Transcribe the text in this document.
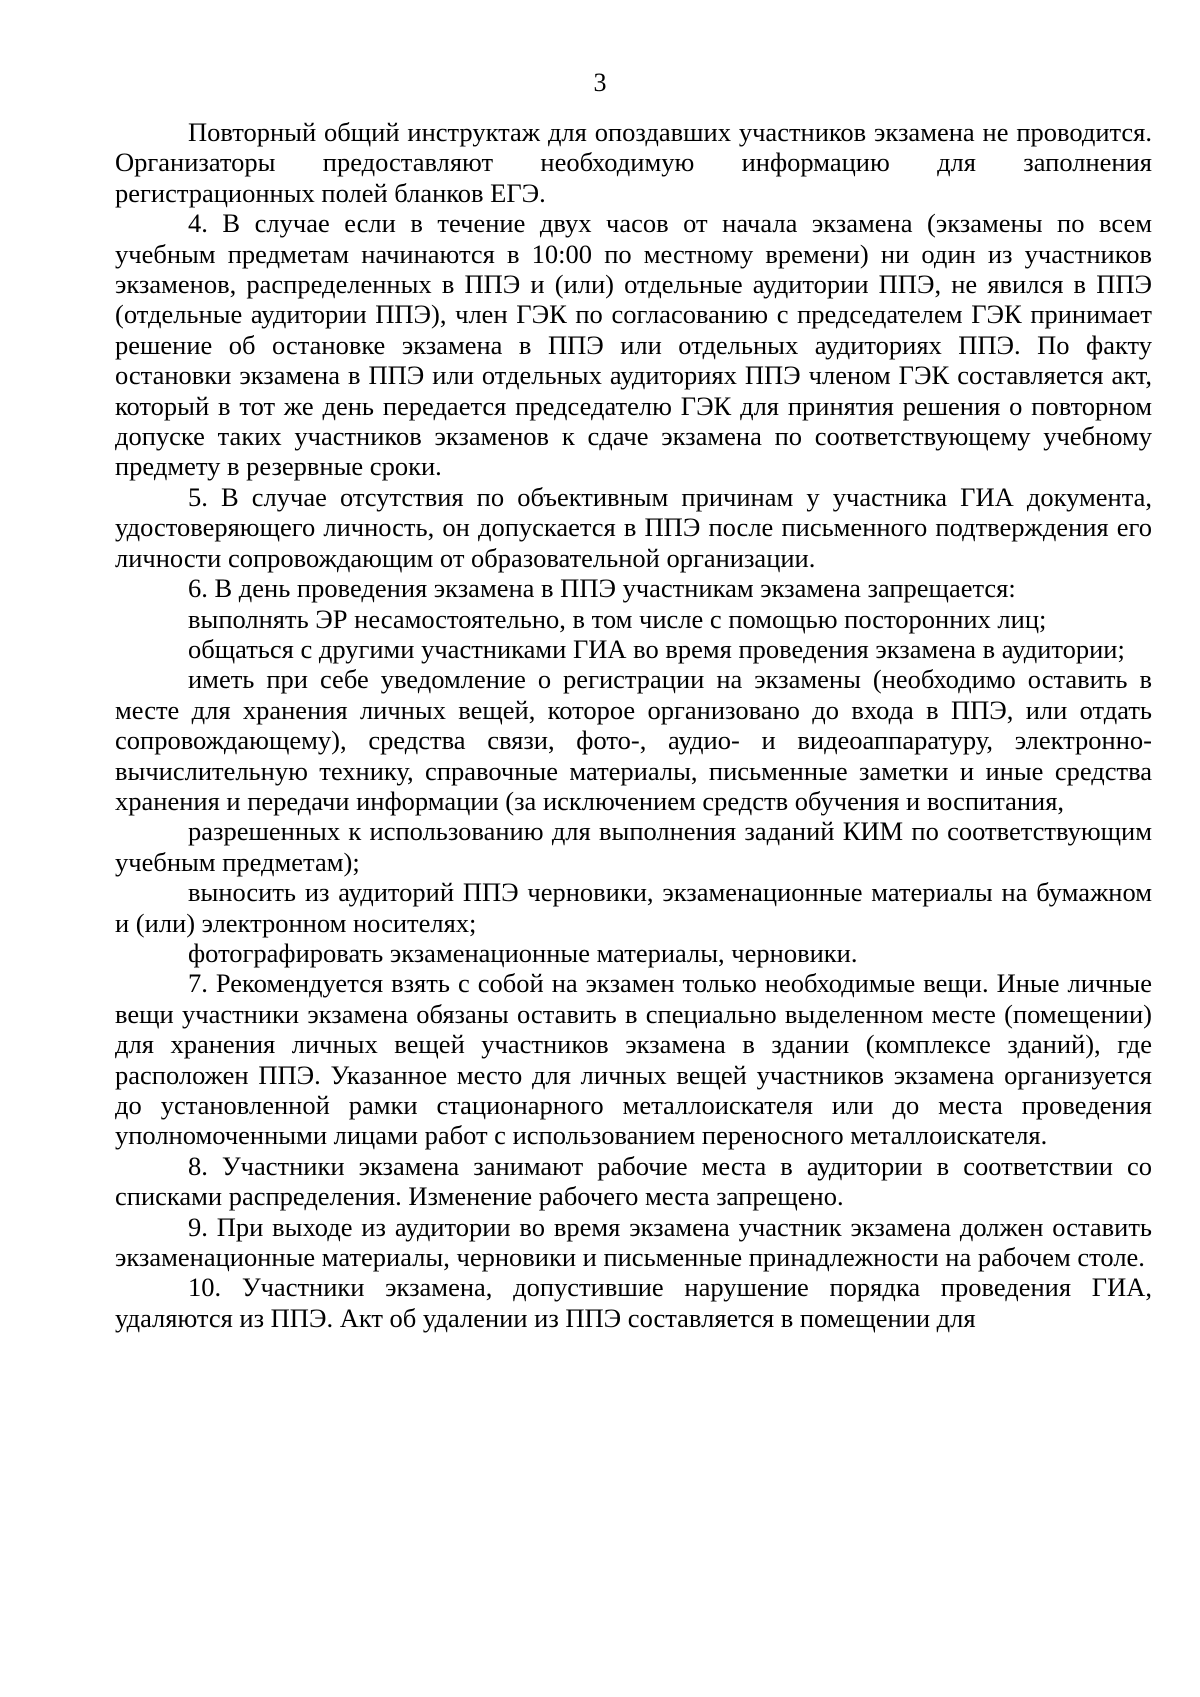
3

Повторный общий инструктаж для опоздавших участников экзамена не проводится. Организаторы предоставляют необходимую информацию для заполнения регистрационных полей бланков ЕГЭ.

4. В случае если в течение двух часов от начала экзамена (экзамены по всем учебным предметам начинаются в 10:00 по местному времени) ни один из участников экзаменов, распределенных в ППЭ и (или) отдельные аудитории ППЭ, не явился в ППЭ (отдельные аудитории ППЭ), член ГЭК по согласованию с председателем ГЭК принимает решение об остановке экзамена в ППЭ или отдельных аудиториях ППЭ. По факту остановки экзамена в ППЭ или отдельных аудиториях ППЭ членом ГЭК составляется акт, который в тот же день передается председателю ГЭК для принятия решения о повторном допуске таких участников экзаменов к сдаче экзамена по соответствующему учебному предмету в резервные сроки.

5. В случае отсутствия по объективным причинам у участника ГИА документа, удостоверяющего личность, он допускается в ППЭ после письменного подтверждения его личности сопровождающим от образовательной организации.

6. В день проведения экзамена в ППЭ участникам экзамена запрещается:

выполнять ЭР несамостоятельно, в том числе с помощью посторонних лиц;

общаться с другими участниками ГИА во время проведения экзамена в аудитории;

иметь при себе уведомление о регистрации на экзамены (необходимо оставить в месте для хранения личных вещей, которое организовано до входа в ППЭ, или отдать сопровождающему), средства связи, фото-, аудио- и видеоаппаратуру, электронно-вычислительную технику, справочные материалы, письменные заметки и иные средства хранения и передачи информации (за исключением средств обучения и воспитания,

разрешенных к использованию для выполнения заданий КИМ по соответствующим учебным предметам);

выносить из аудиторий ППЭ черновики, экзаменационные материалы на бумажном и (или) электронном носителях;

фотографировать экзаменационные материалы, черновики.

7. Рекомендуется взять с собой на экзамен только необходимые вещи. Иные личные вещи участники экзамена обязаны оставить в специально выделенном месте (помещении) для хранения личных вещей участников экзамена в здании (комплексе зданий), где расположен ППЭ. Указанное место для личных вещей участников экзамена организуется до установленной рамки стационарного металлоискателя или до места проведения уполномоченными лицами работ с использованием переносного металлоискателя.

8. Участники экзамена занимают рабочие места в аудитории в соответствии со списками распределения. Изменение рабочего места запрещено.

9. При выходе из аудитории во время экзамена участник экзамена должен оставить экзаменационные материалы, черновики и письменные принадлежности на рабочем столе.

10. Участники экзамена, допустившие нарушение порядка проведения ГИА, удаляются из ППЭ. Акт об удалении из ППЭ составляется в помещении для
